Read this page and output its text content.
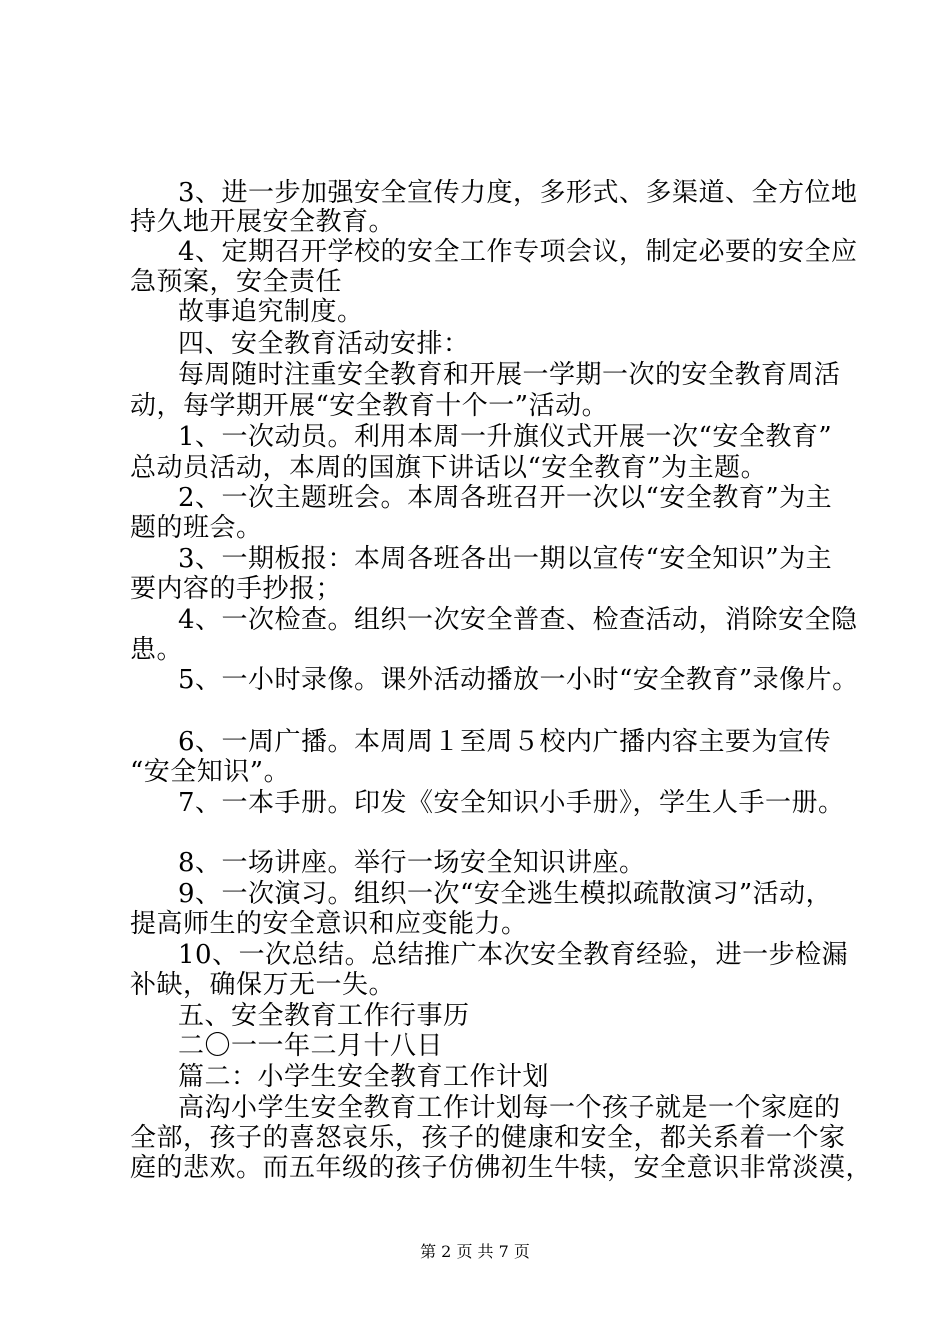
3、进一步加强安全宣传力度，多形式、多渠道、全方位地
持久地开展安全教育。
4、定期召开学校的安全工作专项会议，制定必要的安全应
急预案，安全责任
故事追究制度。
四、安全教育活动安排：
每周随时注重安全教育和开展一学期一次的安全教育周活
动，每学期开展“安全教育十个一”活动。
1、一次动员。利用本周一升旗仪式开展一次“安全教育”
总动员活动，本周的国旗下讲话以“安全教育”为主题。
2、一次主题班会。本周各班召开一次以“安全教育”为主
题的班会。
3、一期板报：本周各班各出一期以宣传“安全知识”为主
要内容的手抄报；
4、一次检查。组织一次安全普查、检查活动，消除安全隐
患。
5、一小时录像。课外活动播放一小时“安全教育”录像片。
6、一周广播。本周周１至周５校内广播内容主要为宣传
“安全知识”。
7、一本手册。印发《安全知识小手册》，学生人手一册。
8、一场讲座。举行一场安全知识讲座。
9、一次演习。组织一次“安全逃生模拟疏散演习”活动，
提高师生的安全意识和应变能力。
10、一次总结。总结推广本次安全教育经验，进一步检漏
补缺，确保万无一失。
五、安全教育工作行事历
二〇一一年二月十八日
篇二：小学生安全教育工作计划
高沟小学生安全教育工作计划每一个孩子就是一个家庭的
全部，孩子的喜怒哀乐，孩子的健康和安全，都关系着一个家
庭的悲欢。而五年级的孩子仿佛初生牛犊，安全意识非常淡漠，
第 2 页 共 7 页
